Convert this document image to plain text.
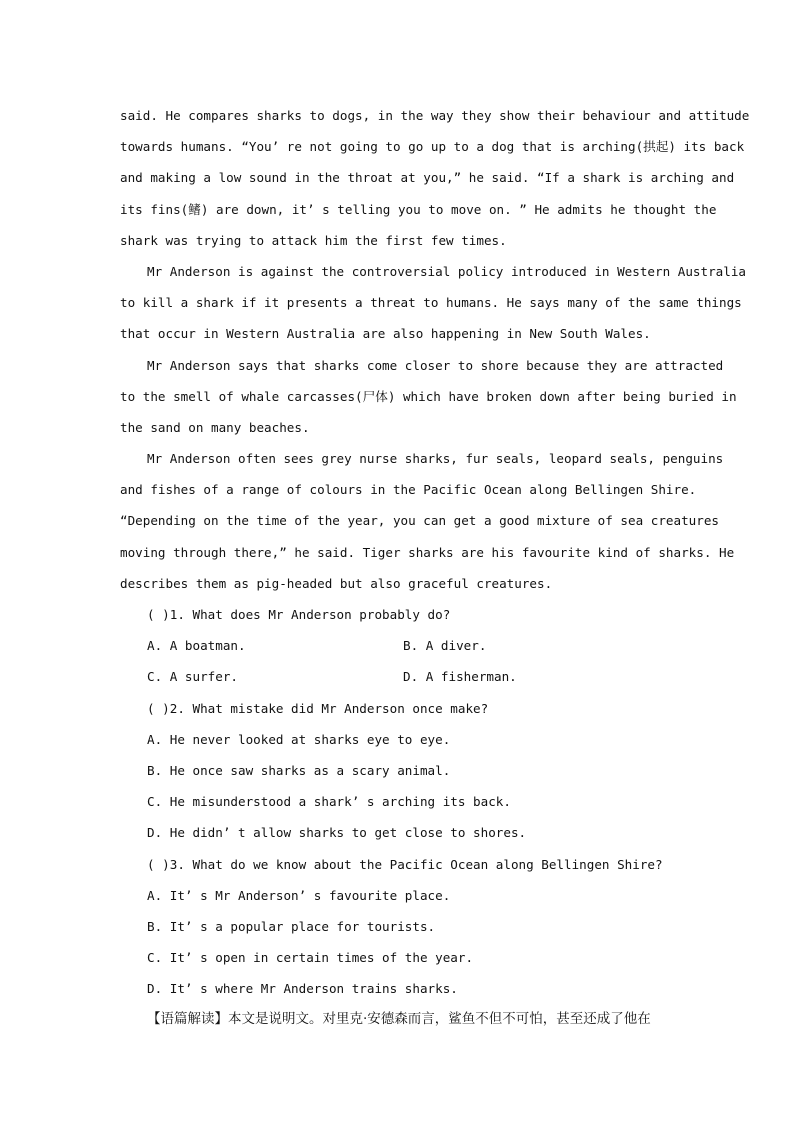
said. He compares sharks to dogs, in the way they show their behaviour and attitude
towards humans. “You’ re not going to go up to a dog that is arching(拱起) its back
and making a low sound in the throat at you,” he said. “If a shark is arching and
its fins(鳍) are down, it’ s telling you to move on. ” He admits he thought the
shark was trying to attack him the first few times.
Mr Anderson is against the controversial policy introduced in Western Australia
to kill a shark if it presents a threat to humans. He says many of the same things
that occur in Western Australia are also happening in New South Wales.
Mr Anderson says that sharks come closer to shore because they are attracted
to the smell of whale carcasses(尸体) which have broken down after being buried in
the sand on many beaches.
Mr Anderson often sees grey nurse sharks, fur seals, leopard seals, penguins
and fishes of a range of colours in the Pacific Ocean along Bellingen Shire.
“Depending on the time of the year, you can get a good mixture of sea creatures
moving through there,” he said. Tiger sharks are his favourite kind of sharks. He
describes them as pig-headed but also graceful creatures.
( )1. What does Mr Anderson probably do?
A. A boatman.	B. A diver.
C. A surfer.	D. A fisherman.
( )2. What mistake did Mr Anderson once make?
A. He never looked at sharks eye to eye.
B. He once saw sharks as a scary animal.
C. He misunderstood a shark’ s arching its back.
D. He didn’ t allow sharks to get close to shores.
( )3. What do we know about the Pacific Ocean along Bellingen Shire?
A. It’ s Mr Anderson’ s favourite place.
B. It’ s a popular place for tourists.
C. It’ s open in certain times of the year.
D. It’ s where Mr Anderson trains sharks.
【语篇解读】本文是说明文。对里克·安德森而言，鲨鱼不但不可怕，甚至还成了他在
